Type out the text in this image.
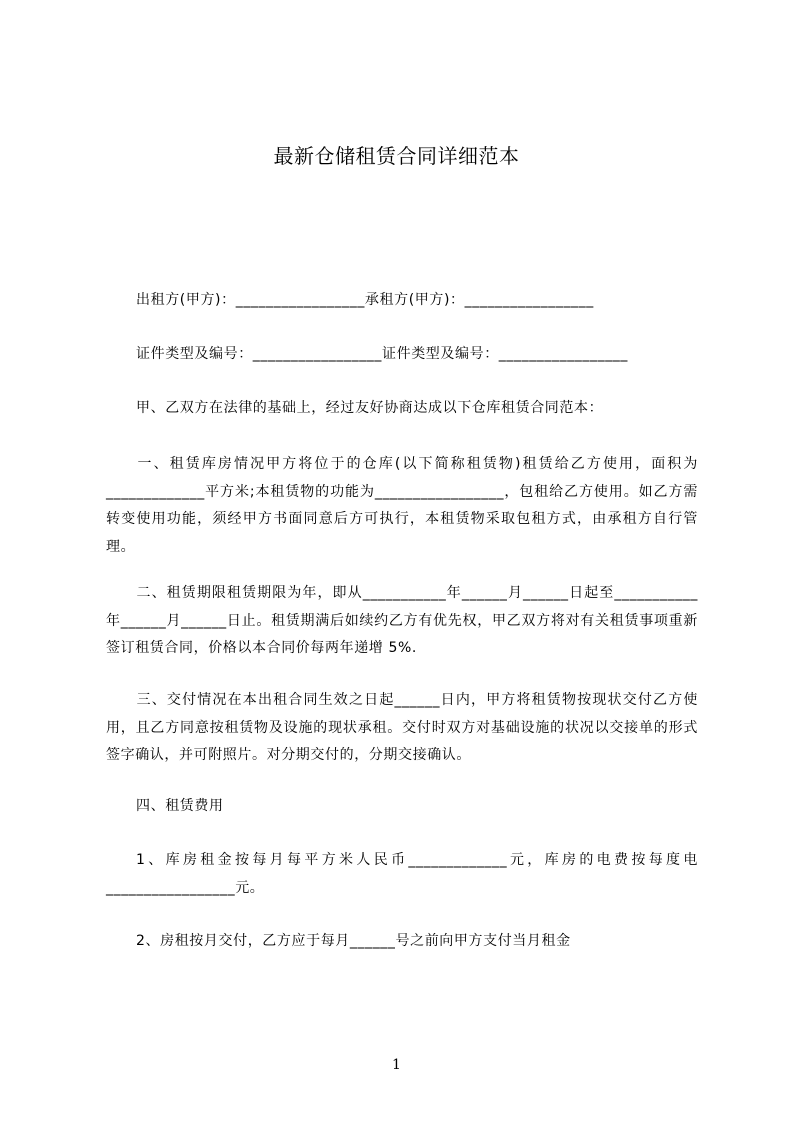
最新仓储租赁合同详细范本
出租方(甲方)：_________________承租方(甲方)：_________________
证件类型及编号：_________________证件类型及编号：_________________
甲、乙双方在法律的基础上，经过友好协商达成以下仓库租赁合同范本：
一、租赁库房情况甲方将位于的仓库(以下简称租赁物)租赁给乙方使用，面积为_____________平方米;本租赁物的功能为_________________，包租给乙方使用。如乙方需转变使用功能，须经甲方书面同意后方可执行，本租赁物采取包租方式，由承租方自行管理。
二、租赁期限租赁期限为年，即从___________年______月______日起至___________年______月______日止。租赁期满后如续约乙方有优先权，甲乙双方将对有关租赁事项重新签订租赁合同，价格以本合同价每两年递增 5%.
三、交付情况在本出租合同生效之日起______日内，甲方将租赁物按现状交付乙方使用，且乙方同意按租赁物及设施的现状承租。交付时双方对基础设施的状况以交接单的形式签字确认，并可附照片。对分期交付的，分期交接确认。
四、租赁费用
1、库房租金按每月每平方米人民币_____________元，库房的电费按每度电_________________元。
2、房租按月交付，乙方应于每月______号之前向甲方支付当月租金
1
